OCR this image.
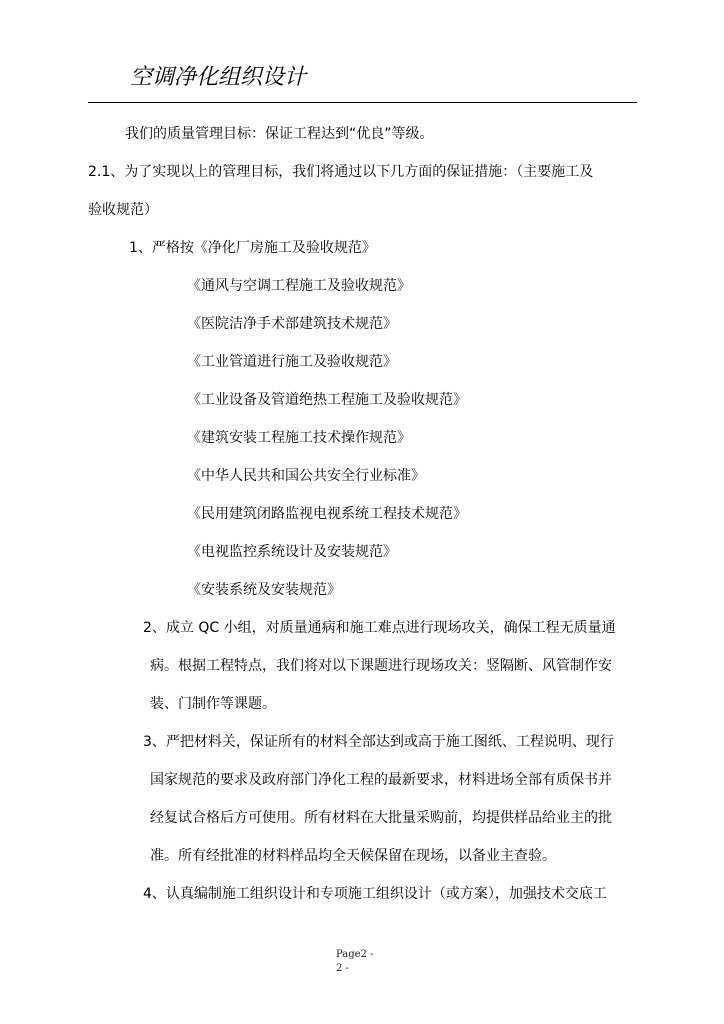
空调净化组织设计
我们的质量管理目标：保证工程达到“优良”等级。
2.1、为了实现以上的管理目标，我们将通过以下几方面的保证措施：（主要施工及
验收规范）
1、严格按《净化厂房施工及验收规范》
《通风与空调工程施工及验收规范》
《医院洁净手术部建筑技术规范》
《工业管道进行施工及验收规范》
《工业设备及管道绝热工程施工及验收规范》
《建筑安装工程施工技术操作规范》
《中华人民共和国公共安全行业标准》
《民用建筑闭路监视电视系统工程技术规范》
《电视监控系统设计及安装规范》
《安装系统及安装规范》
2、成立 QC 小组，对质量通病和施工难点进行现场攻关，确保工程无质量通
病。根据工程特点，我们将对以下课题进行现场攻关：竖隔断、风管制作安
装、门制作等课题。
3、严把材料关，保证所有的材料全部达到或高于施工图纸、工程说明、现行
国家规范的要求及政府部门净化工程的最新要求，材料进场全部有质保书并
经复试合格后方可使用。所有材料在大批量采购前，均提供样品给业主的批
准。所有经批准的材料样品均全天候保留在现场，以备业主查验。
4、认真编制施工组织设计和专项施工组织设计（或方案），加强技术交底工
Page2 -
2 -
